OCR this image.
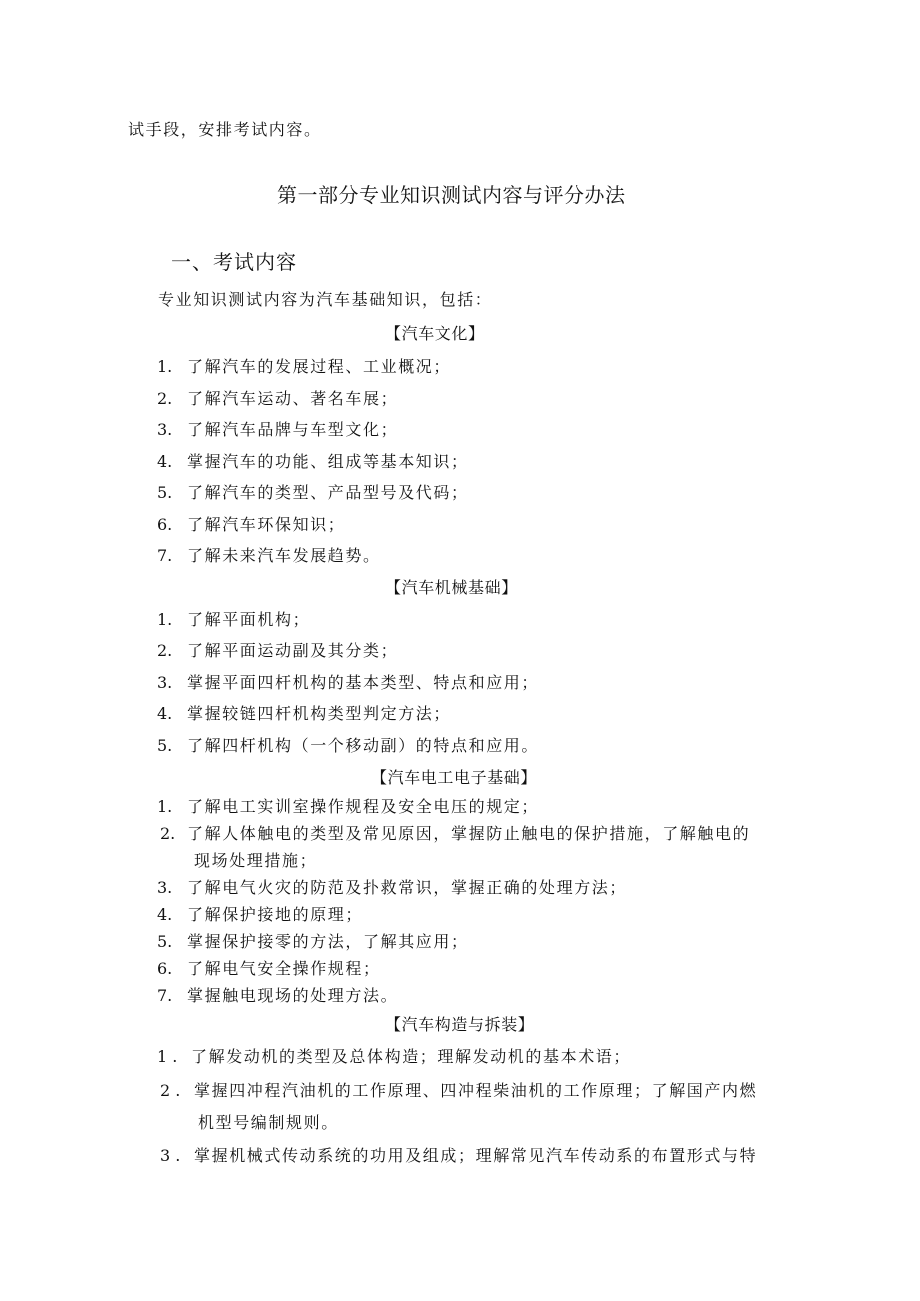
试手段，安排考试内容。
第一部分专业知识测试内容与评分办法
一、考试内容
专业知识测试内容为汽车基础知识，包括：
【汽车文化】
1. 了解汽车的发展过程、工业概况；
2. 了解汽车运动、著名车展；
3. 了解汽车品牌与车型文化；
4. 掌握汽车的功能、组成等基本知识；
5. 了解汽车的类型、产品型号及代码；
6. 了解汽车环保知识；
7. 了解未来汽车发展趋势。
【汽车机械基础】
1. 了解平面机构；
2. 了解平面运动副及其分类；
3. 掌握平面四杆机构的基本类型、特点和应用；
4. 掌握较链四杆机构类型判定方法；
5. 了解四杆机构（一个移动副）的特点和应用。
【汽车电工电子基础】
1. 了解电工实训室操作规程及安全电压的规定；
2. 了解人体触电的类型及常见原因，掌握防止触电的保护措施，了解触电的
现场处理措施；
3. 了解电气火灾的防范及扑救常识，掌握正确的处理方法；
4. 了解保护接地的原理；
5. 掌握保护接零的方法，了解其应用；
6. 了解电气安全操作规程；
7. 掌握触电现场的处理方法。
【汽车构造与拆装】
1 . 了解发动机的类型及总体构造；理解发动机的基本术语；
2 . 掌握四冲程汽油机的工作原理、四冲程柴油机的工作原理；了解国产内燃
机型号编制规则。
3 . 掌握机械式传动系统的功用及组成；理解常见汽车传动系的布置形式与特
